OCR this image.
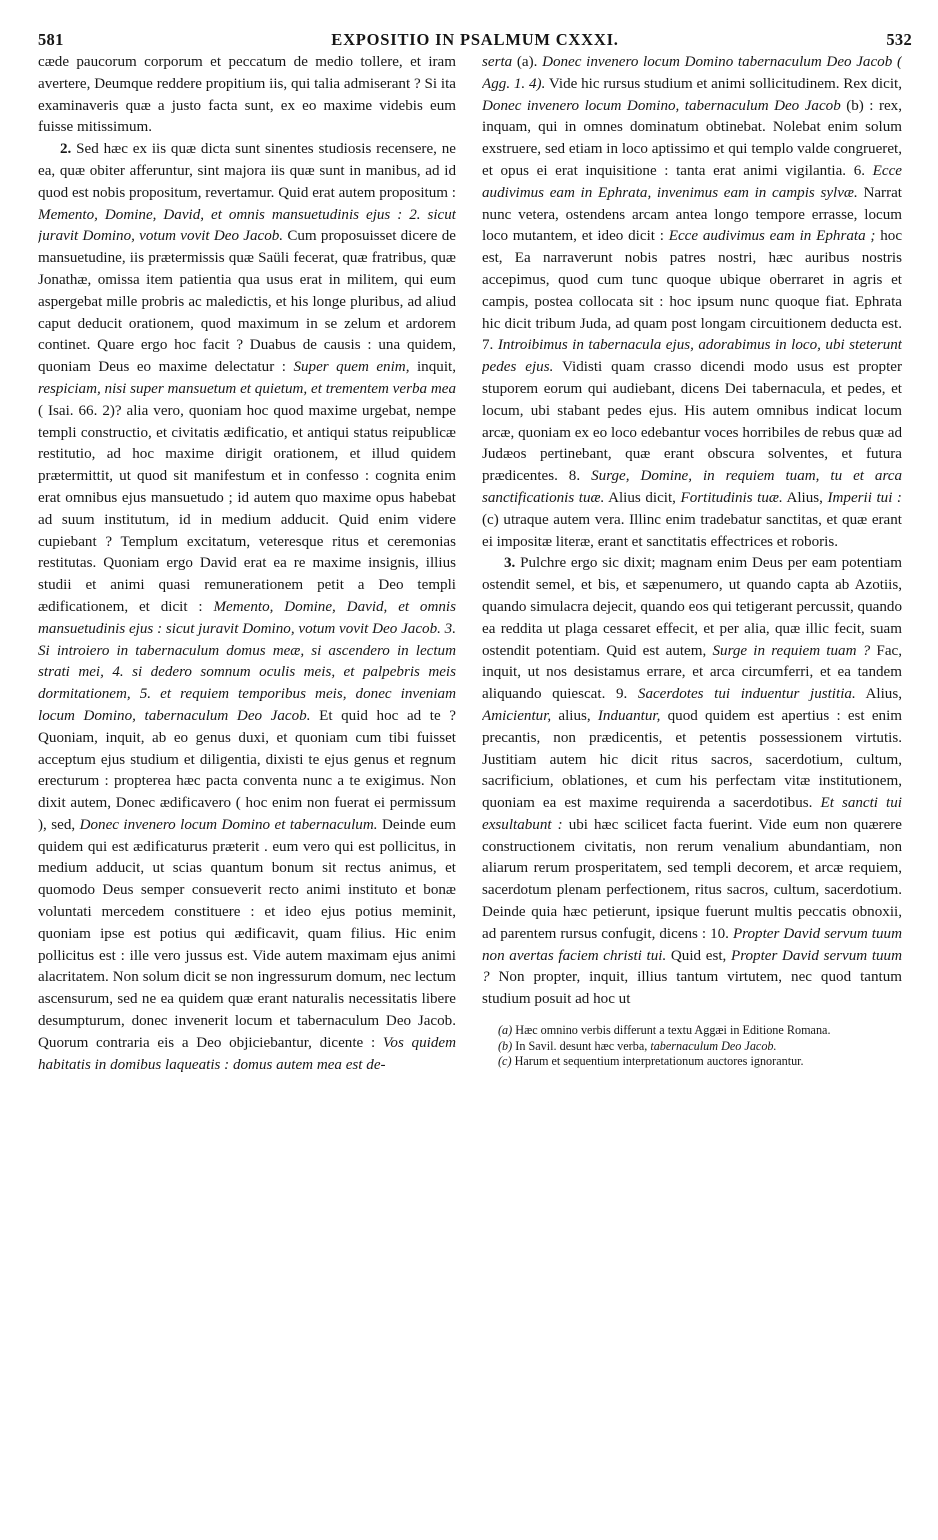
581	EXPOSITIO IN PSALMUM CXXXI.	532

cæde paucorum corporum et peccatum de medio tollere, et iram avertere, Deumque reddere propitium iis, qui talia admiserant ? Si ita examinaveris quæ a justo facta sunt, ex eo maxime videbis eum fuisse mitissimum.

2. Sed hæc ex iis quæ dicta sunt sinentes studiosis recensere, ne ea, quæ obiter afferuntur, sint majora iis quæ sunt in manibus, ad id quod est nobis propositum, revertamur. Quid erat autem propositum : Memento, Domine, David, et omnis mansuetudinis ejus : 2. sicut juravit Domino, votum vovit Deo Jacob. Cum proposuisset dicere de mansuetudine, iis prætermissis quæ Saüli fecerat, quæ fratribus, quæ Jonathæ, omissa item patientia qua usus erat in militem, qui eum aspergebat mille probris ac maledictis, et his longe pluribus, ad aliud caput deducit orationem, quod maximum in se zelum et ardorem continet. Quare ergo hoc facit ? Duabus de causis : una quidem, quoniam Deus eo maxime delectatur : Super quem enim, inquit, respiciam, nisi super mansuetum et quietum, et trementem verba mea ( Isai. 66. 2)? alia vero, quoniam hoc quod maxime urgebat, nempe templi constructio, et civitatis ædificatio, et antiqui status reipublicæ restitutio, ad hoc maxime dirigit orationem, et illud quidem prætermittit, ut quod sit manifestum et in confesso : cognita enim erat omnibus ejus mansuetudo ; id autem quo maxime opus habebat ad suum institutum, id in medium adducit. Quid enim videre cupiebant ? Templum excitatum, veteresque ritus et ceremonias restitutas. Quoniam ergo David erat ea re maxime insignis, illius studii et animi quasi remunerationem petit a Deo templi ædificationem, et dicit : Memento, Domine, David, et omnis mansuetudinis ejus : sicut juravit Domino, votum vovit Deo Jacob. 3. Si introiero in tabernaculum domus meæ, si ascendero in lectum strati mei, 4. si dedero somnum oculis meis, et palpebris meis dormitationem, 5. et requiem temporibus meis, donec inveniam locum Domino, tabernaculum Deo Jacob. Et quid hoc ad te ? Quoniam, inquit, ab eo genus duxi, et quoniam cum tibi fuisset acceptum ejus studium et diligentia, dixisti te ejus genus et regnum erecturum : propterea hæc pacta conventa nunc a te exigimus. Non dixit autem, Donec ædificavero ( hoc enim non fuerat ei permissum ), sed, Donec invenero locum Domino et tabernaculum. Deinde eum quidem qui est ædificaturus præterit . eum vero qui est pollicitus, in medium adducit, ut scias quantum bonum sit rectus animus, et quomodo Deus semper consueverit recto animi instituto et bonæ voluntati mercedem constituere : et ideo ejus potius meminit, quoniam ipse est potius qui ædificavit, quam filius. Hic enim pollicitus est : ille vero jussus est. Vide autem maximam ejus animi alacritatem. Non solum dicit se non ingressurum domum, nec lectum ascensurum, sed ne ea quidem quæ erant naturalis necessitatis libere desumpturum, donec invenerit locum et tabernaculum Deo Jacob. Quorum contraria eis a Deo objiciebantur, dicente : Vos quidem habitatis in domibus laqueatis : domus autem mea est de-

serta (a). Donec invenero locum Domino tabernaculum Deo Jacob ( Agg. 1. 4). Vide hic rursus studium et animi sollicitudinem. Rex dicit, Donec invenero locum Domino, tabernaculum Deo Jacob (b) : rex, inquam, qui in omnes dominatum obtinebat. Nolebat enim solum exstruere, sed etiam in loco aptissimo et qui templo valde congrueret, et opus ei erat inquisitione : tanta erat animi vigilantia. 6. Ecce audivimus eam in Ephrata, invenimus eam in campis sylvæ. Narrat nunc vetera, ostendens arcam antea longo tempore errasse, locum loco mutantem, et ideo dicit : Ecce audivimus eam in Ephrata ; hoc est, Ea narraverunt nobis patres nostri, hæc auribus nostris accepimus, quod cum tunc quoque ubique oberraret in agris et campis, postea collocata sit : hoc ipsum nunc quoque fiat. Ephrata hic dicit tribum Juda, ad quam post longam circuitionem deducta est. 7. Introibimus in tabernacula ejus, adorabimus in loco, ubi steterunt pedes ejus. Vidisti quam crasso dicendi modo usus est propter stuporem eorum qui audiebant, dicens Dei tabernacula, et pedes, et locum, ubi stabant pedes ejus. His autem omnibus indicat locum arcæ, quoniam ex eo loco edebantur voces horribiles de rebus quæ ad Judæos pertinebant, quæ erant obscura solventes, et futura prædicentes. 8. Surge, Domine, in requiem tuam, tu et arca sanctificationis tuæ. Alius dicit, Fortitudinis tuæ. Alius, Imperii tui : (c) utraque autem vera. Illinc enim tradebatur sanctitas, et quæ erant ei impositæ literæ, erant et sanctitatis effectrices et roboris.

3. Pulchre ergo sic dixit; magnam enim Deus per eam potentiam ostendit semel, et bis, et sæpenumero, ut quando capta ab Azotiis, quando simulacra dejecit, quando eos qui tetigerant percussit, quando ea reddita ut plaga cessaret effecit, et per alia, quæ illic fecit, suam ostendit potentiam. Quid est autem, Surge in requiem tuam ? Fac, inquit, ut nos desistamus errare, et arca circumferri, et ea tandem aliquando quiescat. 9. Sacerdotes tui induentur justitia. Alius, Amicientur, alius, Induantur, quod quidem est apertius : est enim precantis, non prædicentis, et petentis possessionem virtutis. Justitiam autem hic dicit ritus sacros, sacerdotium, cultum, sacrificium, oblationes, et cum his perfectam vitæ institutionem, quoniam ea est maxime requirenda a sacerdotibus. Et sancti tui exsultabunt : ubi hæc scilicet facta fuerint. Vide eum non quærere constructionem civitatis, non rerum venalium abundantiam, non aliarum rerum prosperitatem, sed templi decorem, et arcæ requiem, sacerdotum plenam perfectionem, ritus sacros, cultum, sacerdotium. Deinde quia hæc petierunt, ipsique fuerunt multis peccatis obnoxii, ad parentem rursus confugit, dicens : 10. Propter David servum tuum non avertas faciem christi tui. Quid est, Propter David servum tuum ? Non propter, inquit, illius tantum virtutem, nec quod tantum studium posuit ad hoc ut

(a) Hæc omnino verbis differunt a textu Aggæi in Editione Romana.

(b) In Savil. desunt hæc verba, tabernaculum Deo Jacob.

(c) Harum et sequentium interpretationum auctores ignorantur.
